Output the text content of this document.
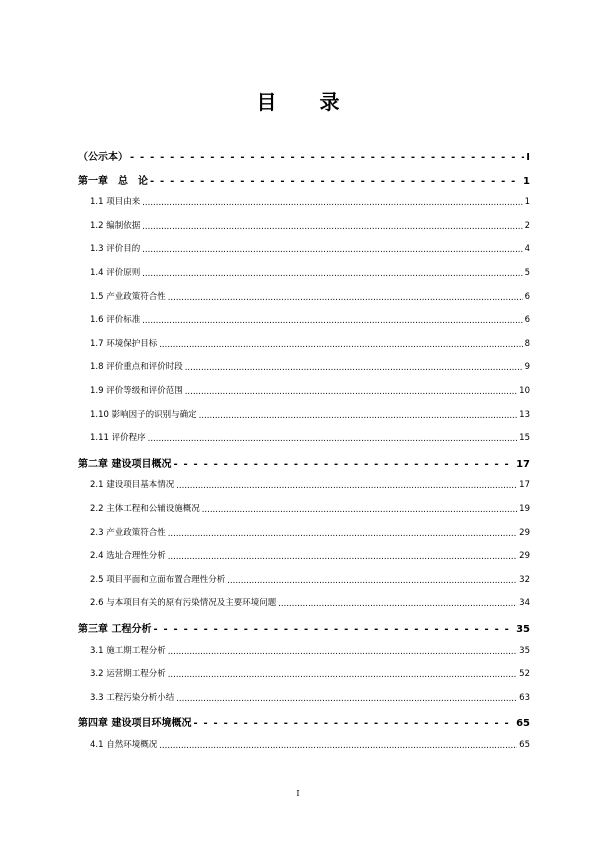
目 录
（公示本） - - -	I
第一章　总　论 - - -	1
1.1 项目由来 .....	1
1.2 编制依据 .....	2
1.3 评价目的 .....	4
1.4 评价原则 .....	5
1.5 产业政策符合性 .....	6
1.6 评价标准 .....	6
1.7 环境保护目标 .....	8
1.8 评价重点和评价时段 .....	9
1.9 评价等级和评价范围 .....	10
1.10 影响因子的识别与确定 .....	13
1.11 评价程序 .....	15
第二章 建设项目概况 - - -	17
2.1 建设项目基本情况 .....	17
2.2 主体工程和公辅设施概况 .....	19
2.3 产业政策符合性 .....	29
2.4 选址合理性分析 .....	29
2.5 项目平面和立面布置合理性分析 .....	32
2.6 与本项目有关的原有污染情况及主要环境问题 .....	34
第三章 工程分析 - - -	35
3.1 施工期工程分析 .....	35
3.2 运营期工程分析 .....	52
3.3 工程污染分析小结 .....	63
第四章 建设项目环境概况 - - -	65
4.1 自然环境概况 .....	65
I
